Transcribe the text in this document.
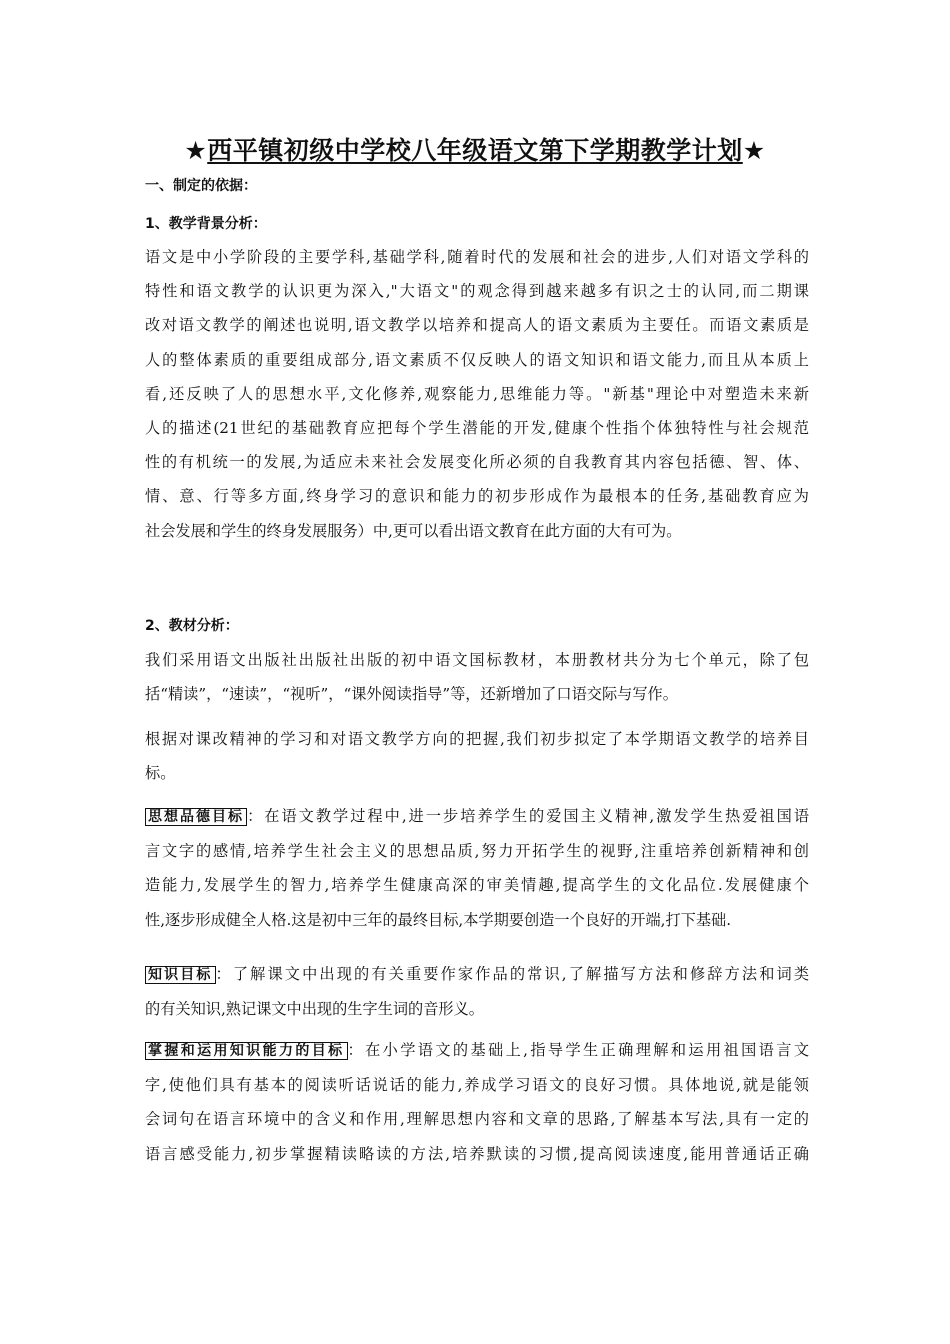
★西平镇初级中学校八年级语文第下学期教学计划★
一、制定的依据：
1、教学背景分析：
语文是中小学阶段的主要学科,基础学科,随着时代的发展和社会的进步,人们对语文学科的
特性和语文教学的认识更为深入,"大语文"的观念得到越来越多有识之士的认同,而二期课
改对语文教学的阐述也说明,语文教学以培养和提高人的语文素质为主要任。而语文素质是
人的整体素质的重要组成部分,语文素质不仅反映人的语文知识和语文能力,而且从本质上
看,还反映了人的思想水平,文化修养,观察能力,思维能力等。"新基"理论中对塑造未来新
人的描述(21世纪的基础教育应把每个学生潜能的开发,健康个性指个体独特性与社会规范
性的有机统一的发展,为适应未来社会发展变化所必须的自我教育其内容包括德、智、体、
情、意、行等多方面,终身学习的意识和能力的初步形成作为最根本的任务,基础教育应为
社会发展和学生的终身发展服务）中,更可以看出语文教育在此方面的大有可为。
2、教材分析：
我们采用语文出版社出版社出版的初中语文国标教材，本册教材共分为七个单元，除了包
括“精读”，“速读”，“视听”，“课外阅读指导”等，还新增加了口语交际与写作。
根据对课改精神的学习和对语文教学方向的把握,我们初步拟定了本学期语文教学的培养目
标。
思想品德目标 ：在语文教学过程中,进一步培养学生的爱国主义精神,激发学生热爱祖国语
言文字的感情,培养学生社会主义的思想品质,努力开拓学生的视野,注重培养创新精神和创
造能力,发展学生的智力,培养学生健康高深的审美情趣,提高学生的文化品位.发展健康个
性,逐步形成健全人格.这是初中三年的最终目标,本学期要创造一个良好的开端,打下基础.
知识目标 ：了解课文中出现的有关重要作家作品的常识,了解描写方法和修辞方法和词类
的有关知识,熟记课文中出现的生字生词的音形义。
掌握和运用知识能力的目标 ：在小学语文的基础上,指导学生正确理解和运用祖国语言文
字,使他们具有基本的阅读听话说话的能力,养成学习语文的良好习惯。具体地说,就是能领
会词句在语言环境中的含义和作用,理解思想内容和文章的思路,了解基本写法,具有一定的
语言感受能力,初步掌握精读略读的方法,培养默读的习惯,提高阅读速度,能用普通话正确
